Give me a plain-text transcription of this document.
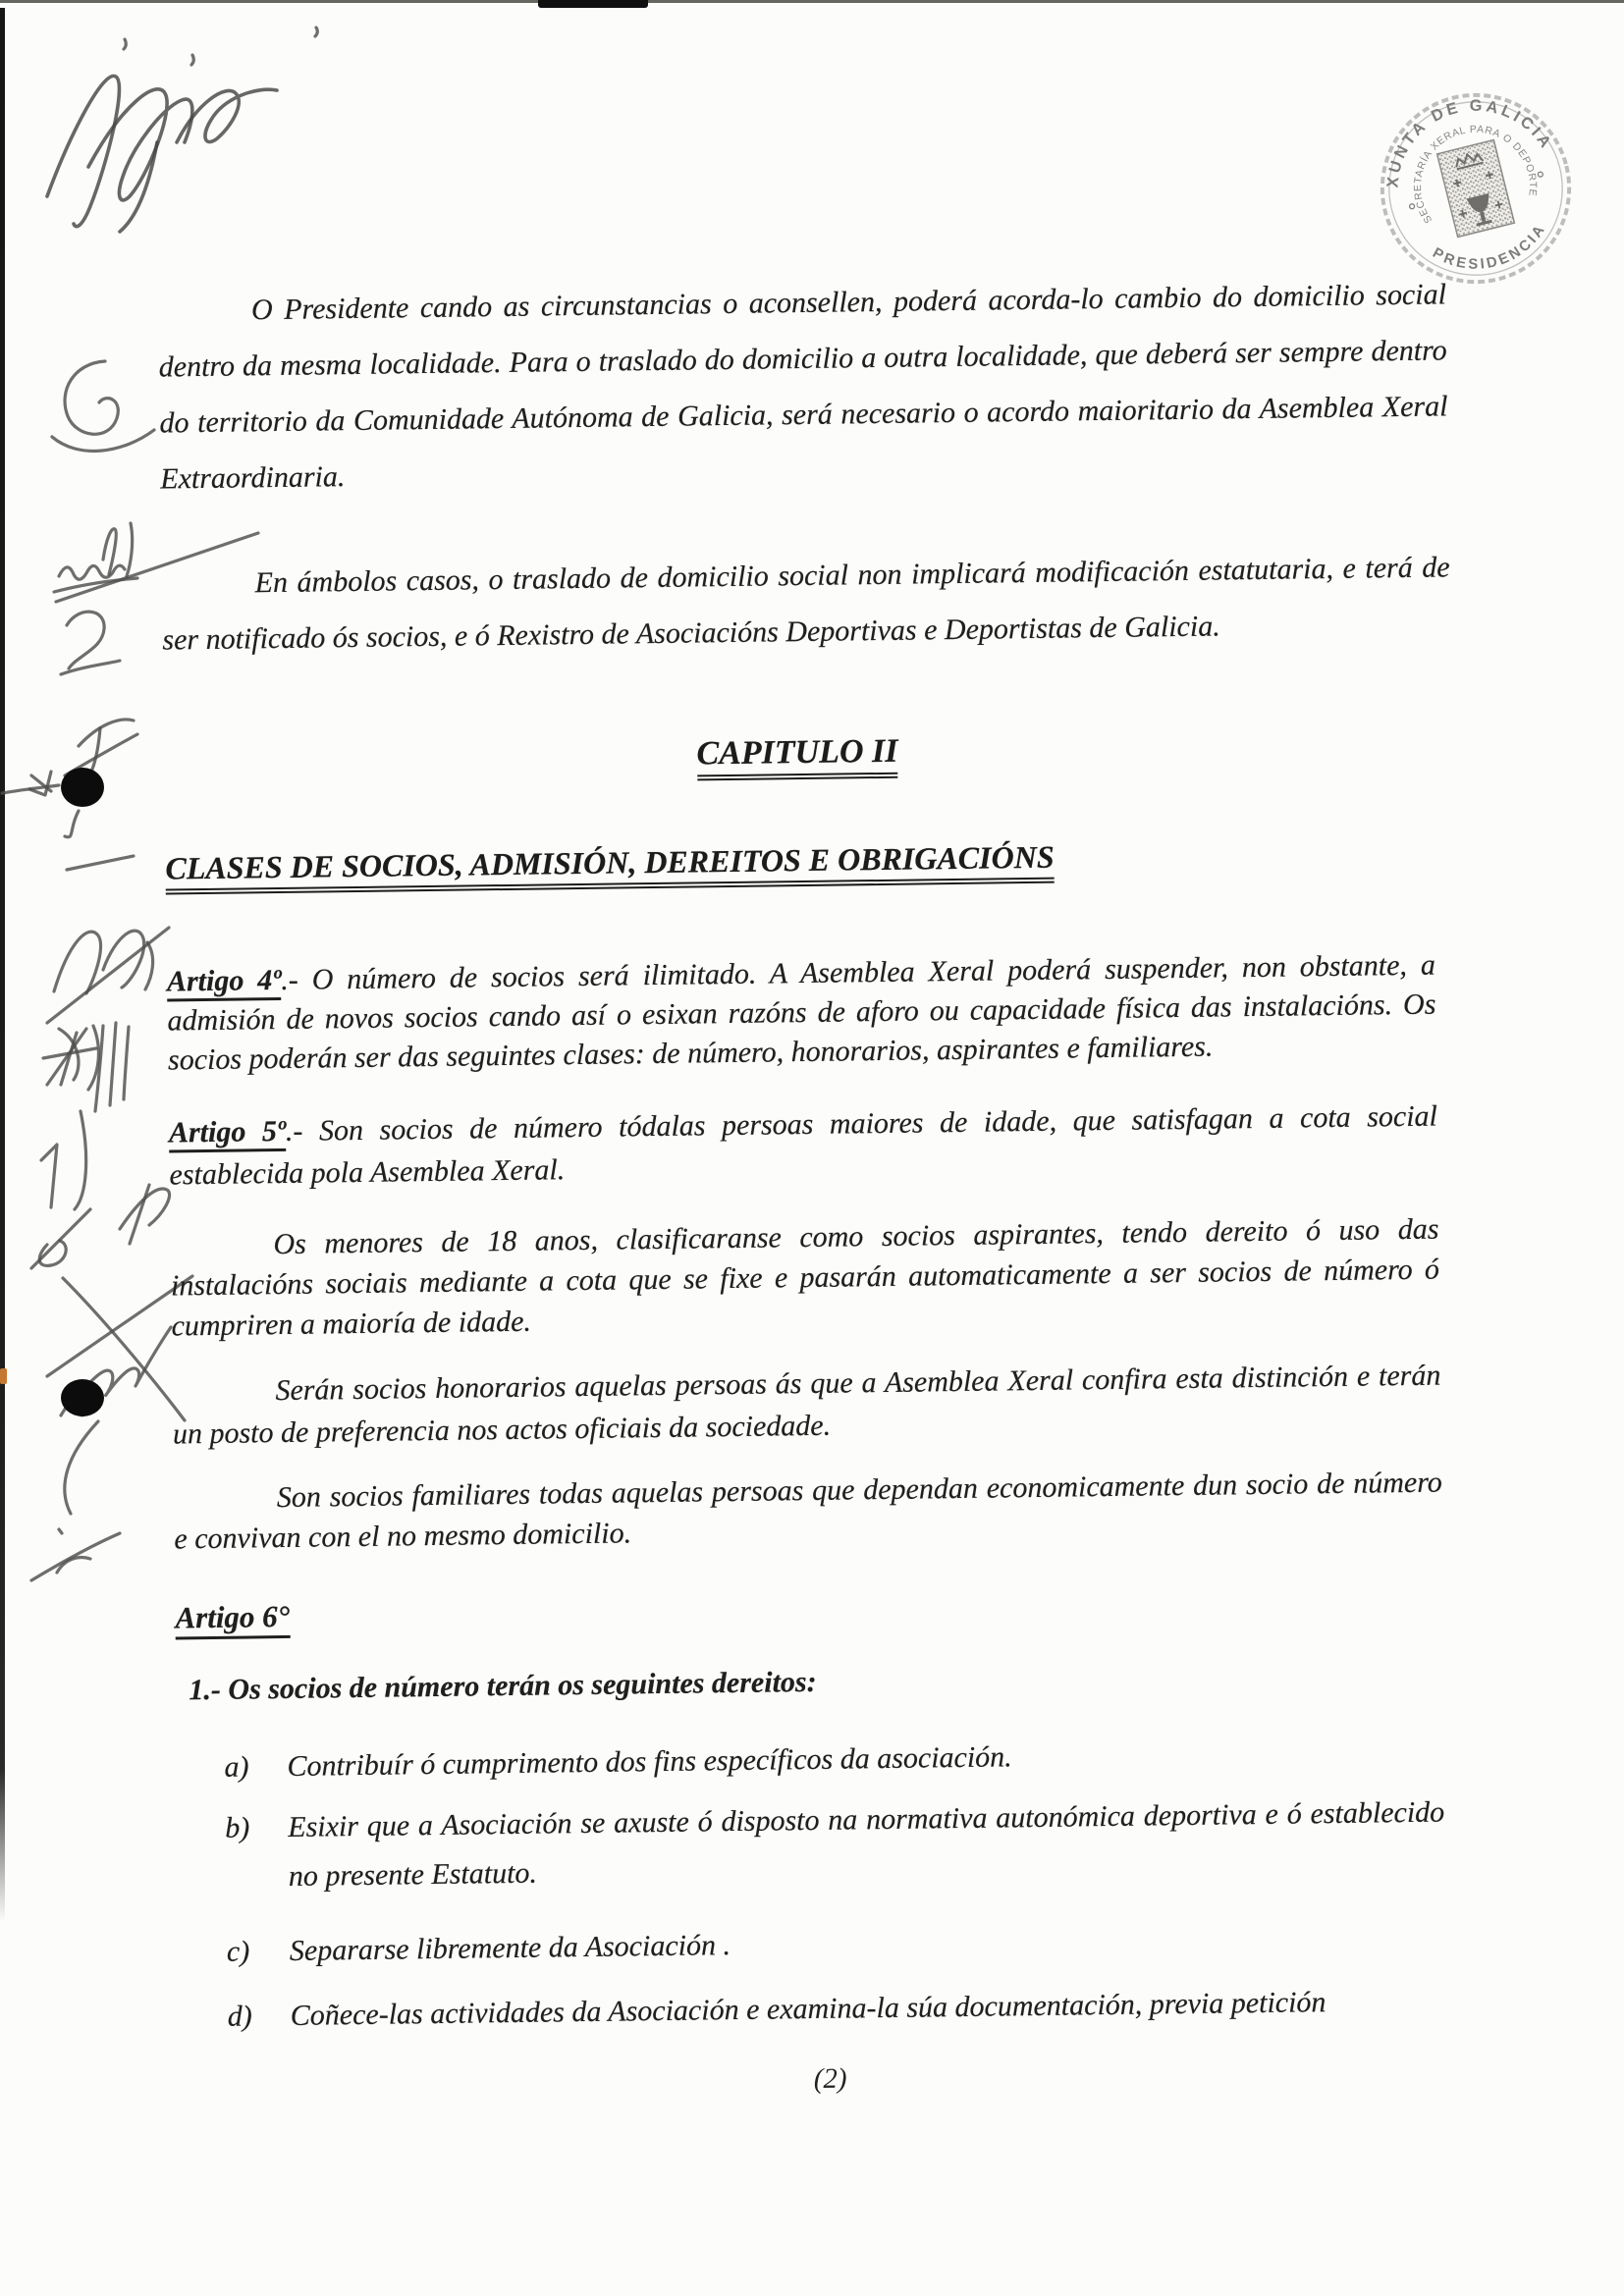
XUNTA DE GALICIA
SECRETARÍA XERAL PARA O DEPORTE
PRESIDENCIA

O Presidente cando as circunstancias o aconsellen, poderá acorda-lo cambio do domicilio social dentro da mesma localidade. Para o traslado do domicilio a outra localidade, que deberá ser sempre dentro do territorio da Comunidade Autónoma de Galicia, será necesario o acordo maioritario da Asemblea Xeral Extraordinaria.

En ámbolos casos, o traslado de domicilio social non implicará modificación estatutaria, e terá de ser notificado ós socios, e ó Rexistro de Asociacións Deportivas e Deportistas de Galicia.

CAPITULO II
CLASES DE SOCIOS, ADMISIÓN, DEREITOS E OBRIGACIÓNS

Artigo 4º.- O número de socios será ilimitado. A Asemblea Xeral poderá suspender, non obstante, a admisión de novos socios cando así o esixan razóns de aforo ou capacidade física das instalacións. Os socios poderán ser das seguintes clases: de número, honorarios, aspirantes e familiares.

Artigo 5º.- Son socios de número tódalas persoas maiores de idade, que satisfagan a cota social establecida pola Asemblea Xeral.

Os menores de 18 anos, clasificaranse como socios aspirantes, tendo dereito ó uso das instalacións sociais mediante a cota que se fixe e pasarán automaticamente a ser socios de número ó cumpriren a maioría de idade.

Serán socios honorarios aquelas persoas ás que a Asemblea Xeral confira esta distinción e terán un posto de preferencia nos actos oficiais da sociedade.

Son socios familiares todas aquelas persoas que dependan economicamente dun socio de número e convivan con el no mesmo domicilio.

Artigo 6°

1.- Os socios de número terán os seguintes dereitos:

a) Contribuír ó cumprimento dos fins específicos da asociación.

b) Esixir que a Asociación se axuste ó disposto na normativa autonómica deportiva e ó establecido no presente Estatuto.

c) Separarse libremente da Asociación .

d) Coñece-las actividades da Asociación e examina-la súa documentación, previa petición

(2)
